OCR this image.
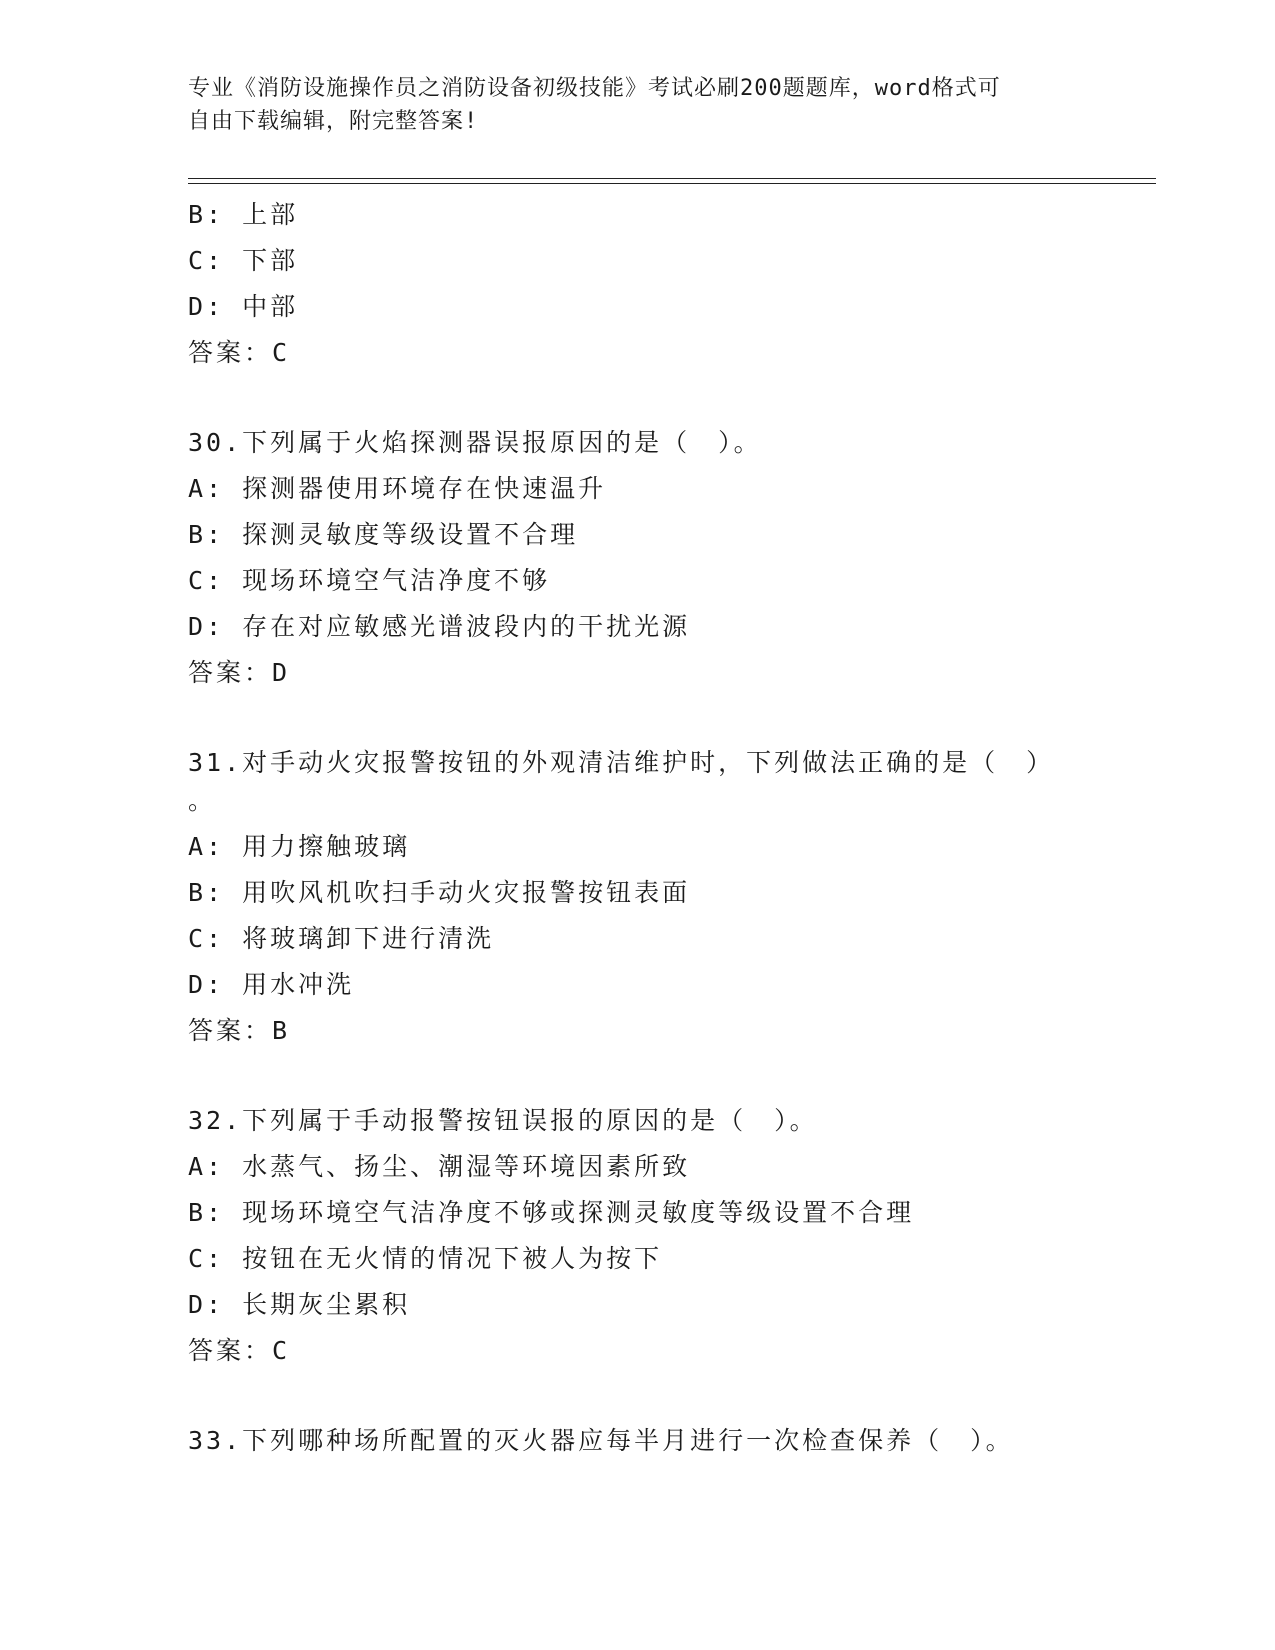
专业《消防设施操作员之消防设备初级技能》考试必刷200题题库，word格式可
自由下载编辑，附完整答案!
B: 上部
C: 下部
D: 中部
答案：C
30.下列属于火焰探测器误报原因的是（　）。
A: 探测器使用环境存在快速温升
B: 探测灵敏度等级设置不合理
C: 现场环境空气洁净度不够
D: 存在对应敏感光谱波段内的干扰光源
答案：D
31.对手动火灾报警按钮的外观清洁维护时，下列做法正确的是（　）
。
A: 用力擦触玻璃
B: 用吹风机吹扫手动火灾报警按钮表面
C: 将玻璃卸下进行清洗
D: 用水冲洗
答案：B
32.下列属于手动报警按钮误报的原因的是（　）。
A: 水蒸气、扬尘、潮湿等环境因素所致
B: 现场环境空气洁净度不够或探测灵敏度等级设置不合理
C: 按钮在无火情的情况下被人为按下
D: 长期灰尘累积
答案：C
33.下列哪种场所配置的灭火器应每半月进行一次检查保养（　）。
